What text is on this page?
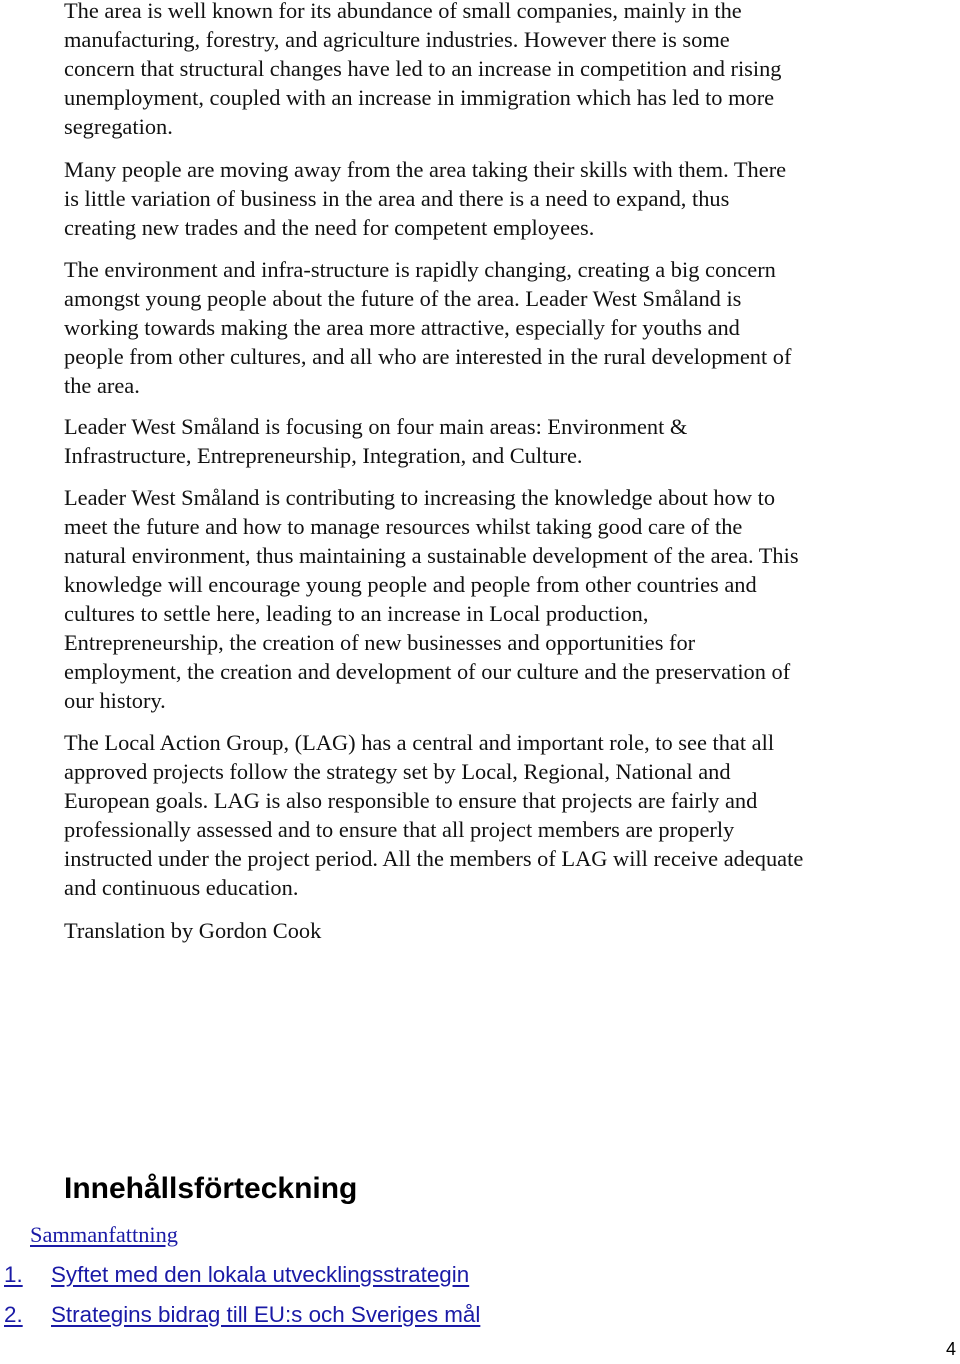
The area is well known for its abundance of small companies, mainly in the
manufacturing, forestry, and agriculture industries. However there is some
concern that structural changes have led to an increase in competition and rising
unemployment, coupled with an increase in immigration which has led to more
segregation.

Many people are moving away from the area taking their skills with them. There
is little variation of business in the area and there is a need to expand, thus
creating new trades and the need for competent employees.

The environment and infra-structure is rapidly changing, creating a big concern
amongst young people about the future of the area. Leader West Småland is
working towards making the area more attractive, especially for youths and
people from other cultures, and all who are interested in the rural development of
the area.

Leader West Småland is focusing on four main areas: Environment &
Infrastructure, Entrepreneurship, Integration, and Culture.

Leader West Småland is contributing to increasing the knowledge about how to
meet the future and how to manage resources whilst taking good care of the
natural environment, thus maintaining a sustainable development of the area. This
knowledge will encourage young people and people from other countries and
cultures to settle here, leading to an increase in Local production,
Entrepreneurship, the creation of new businesses and opportunities for
employment, the creation and development of our culture and the preservation of
our history.

The Local Action Group, (LAG) has a central and important role, to see that all
approved projects follow the strategy set by Local, Regional, National and
European goals. LAG is also responsible to ensure that projects are fairly and
professionally assessed and to ensure that all project members are properly
instructed under the project period. All the members of LAG will receive adequate
and continuous education.

Translation by Gordon Cook

Innehållsförteckning
Sammanfattning
1. Syftet med den lokala utvecklingsstrategin
2. Strategins bidrag till EU:s och Sveriges mål
4
